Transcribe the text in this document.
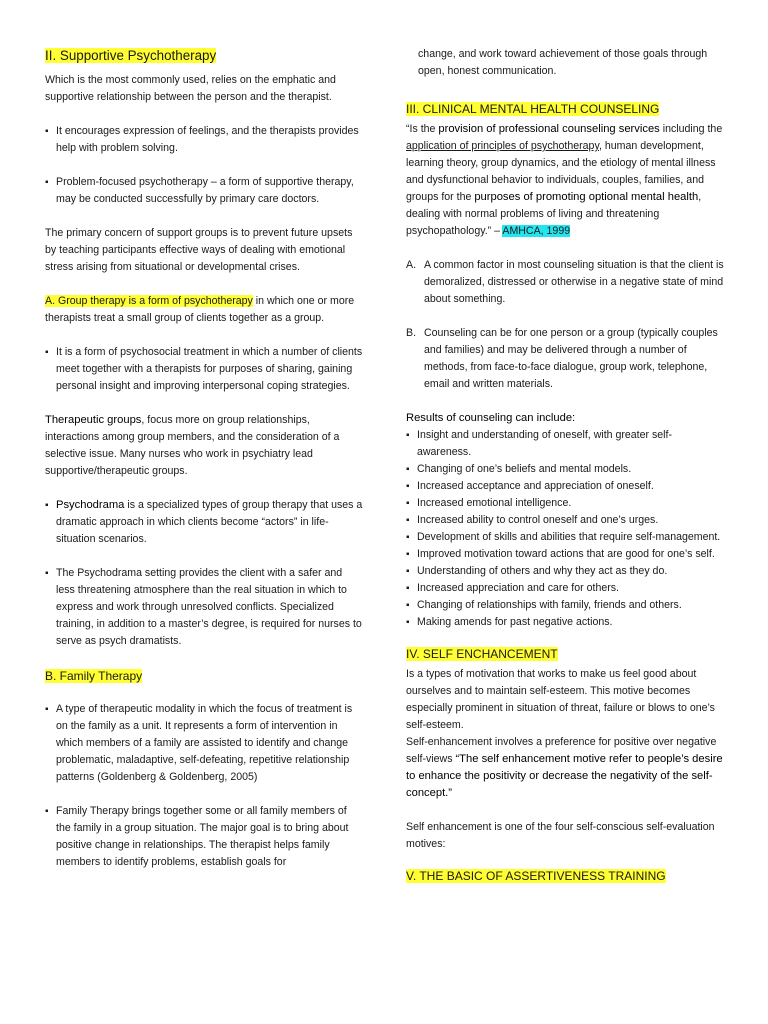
II. Supportive Psychotherapy

Which is the most commonly used, relies on the emphatic and supportive relationship between the person and the therapist.

▪ It encourages expression of feelings, and the therapists provides help with problem solving.
▪ Problem-focused psychotherapy – a form of supportive therapy, may be conducted successfully by primary care doctors.

The primary concern of support groups is to prevent future upsets by teaching participants effective ways of dealing with emotional stress arising from situational or developmental crises.

A. Group therapy is a form of psychotherapy in which one or more therapists treat a small group of clients together as a group.

▪ It is a form of psychosocial treatment in which a number of clients meet together with a therapists for purposes of sharing, gaining personal insight and improving interpersonal coping strategies.

Therapeutic groups, focus more on group relationships, interactions among group members, and the consideration of a selective issue. Many nurses who work in psychiatry lead supportive/therapeutic groups.

▪ Psychodrama is a specialized types of group therapy that uses a dramatic approach in which clients become “actors” in life-situation scenarios.
▪ The Psychodrama setting provides the client with a safer and less threatening atmosphere than the real situation in which to express and work through unresolved conflicts. Specialized training, in addition to a master’s degree, is required for nurses to serve as psych dramatists.
B. Family Therapy
▪ A type of therapeutic modality in which the focus of treatment is on the family as a unit. It represents a form of intervention in which members of a family are assisted to identify and change problematic, maladaptive, self-defeating, repetitive relationship patterns (Goldenberg & Goldenberg, 2005)
▪ Family Therapy brings together some or all family members of the family in a group situation. The major goal is to bring about positive change in relationships. The therapist helps family members to identify problems, establish goals for

change, and work toward achievement of those goals through open, honest communication.

III. CLINICAL MENTAL HEALTH COUNSELING

“Is the provision of professional counseling services including the application of principles of psychotherapy, human development, learning theory, group dynamics, and the etiology of mental illness and dysfunctional behavior to individuals, couples, families, and groups for the purposes of promoting optional mental health, dealing with normal problems of living and threatening psychopathology.” – AMHCA, 1999

A. A common factor in most counseling situation is that the client is demoralized, distressed or otherwise in a negative state of mind about something.
B. Counseling can be for one person or a group (typically couples and families) and may be delivered through a number of methods, from face-to-face dialogue, group work, telephone, email and written materials.

Results of counseling can include:

▪ Insight and understanding of oneself, with greater self-awareness.
▪ Changing of one’s beliefs and mental models.
▪ Increased acceptance and appreciation of oneself.
▪ Increased emotional intelligence.
▪ Increased ability to control oneself and one’s urges.
▪ Development of skills and abilities that require self-management.
▪ Improved motivation toward actions that are good for one’s self.
▪ Understanding of others and why they act as they do.
▪ Increased appreciation and care for others.
▪ Changing of relationships with family, friends and others.
▪ Making amends for past negative actions.
IV. SELF ENCHANCEMENT

Is a types of motivation that works to make us feel good about ourselves and to maintain self-esteem. This motive becomes especially prominent in situation of threat, failure or blows to one’s self-esteem.

Self-enhancement involves a preference for positive over negative self-views “The self enhancement motive refer to people’s desire to enhance the positivity or decrease the negativity of the self-concept.”

Self enhancement is one of the four self-conscious self-evaluation motives:

V. THE BASIC OF ASSERTIVENESS TRAINING
